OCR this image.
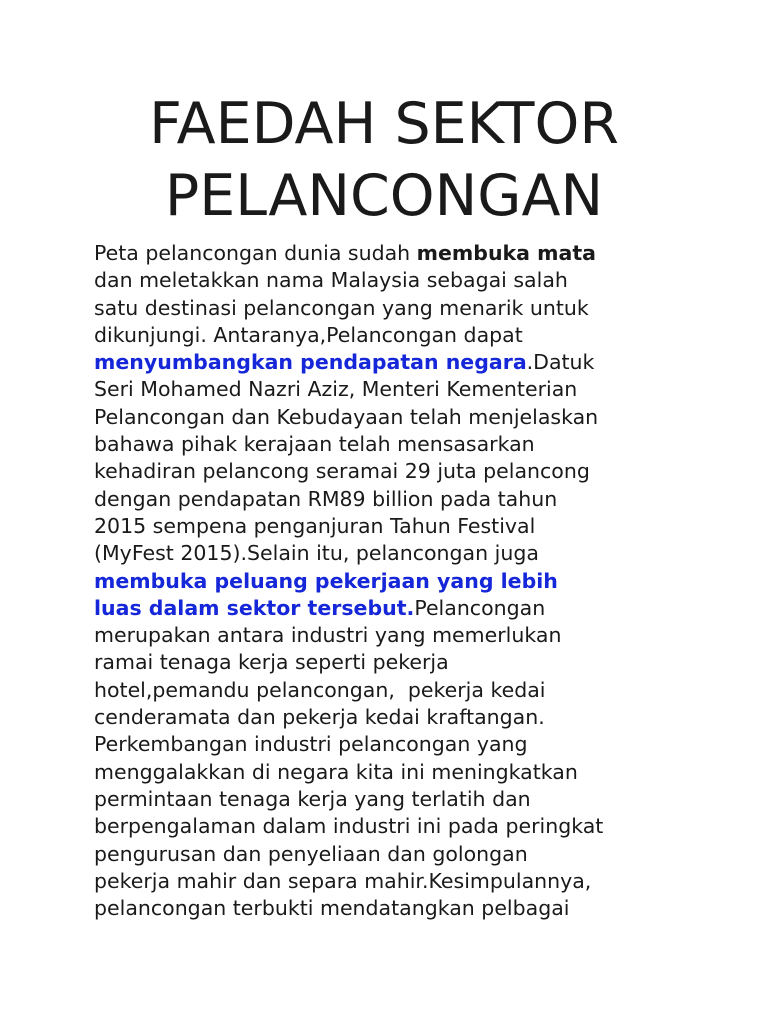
FAEDAH SEKTOR
PELANCONGAN
Peta pelancongan dunia sudah membuka mata
dan meletakkan nama Malaysia sebagai salah
satu destinasi pelancongan yang menarik untuk
dikunjungi. Antaranya,Pelancongan dapat
menyumbangkan pendapatan negara.Datuk
Seri Mohamed Nazri Aziz, Menteri Kementerian
Pelancongan dan Kebudayaan telah menjelaskan
bahawa pihak kerajaan telah mensasarkan
kehadiran pelancong seramai 29 juta pelancong
dengan pendapatan RM89 billion pada tahun
2015 sempena penganjuran Tahun Festival
(MyFest 2015).Selain itu, pelancongan juga
membuka peluang pekerjaan yang lebih
luas dalam sektor tersebut.Pelancongan
merupakan antara industri yang memerlukan
ramai tenaga kerja seperti pekerja
hotel,pemandu pelancongan,  pekerja kedai
cenderamata dan pekerja kedai kraftangan.
Perkembangan industri pelancongan yang
menggalakkan di negara kita ini meningkatkan
permintaan tenaga kerja yang terlatih dan
berpengalaman dalam industri ini pada peringkat
pengurusan dan penyeliaan dan golongan
pekerja mahir dan separa mahir.Kesimpulannya,
pelancongan terbukti mendatangkan pelbagai
